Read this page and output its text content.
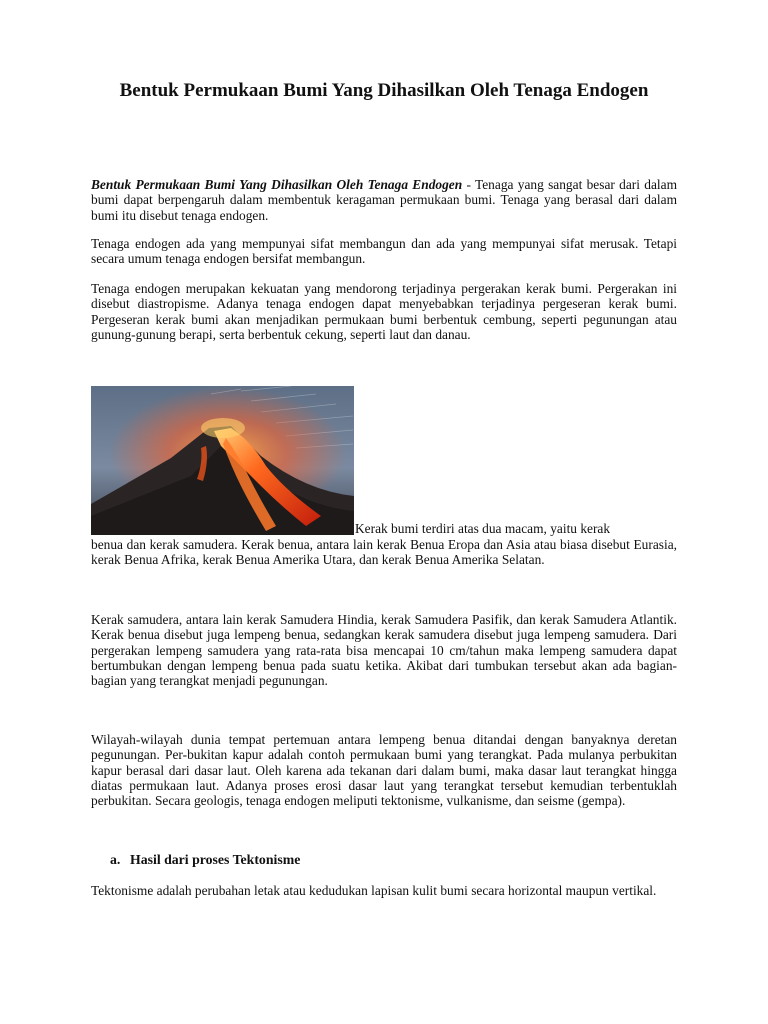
Bentuk Permukaan Bumi Yang Dihasilkan Oleh Tenaga Endogen
Bentuk Permukaan Bumi Yang Dihasilkan Oleh Tenaga Endogen - Tenaga yang sangat besar dari dalam bumi dapat berpengaruh dalam membentuk keragaman permukaan bumi. Tenaga yang berasal dari dalam bumi itu disebut tenaga endogen.
Tenaga endogen ada yang mempunyai sifat membangun dan ada yang mempunyai sifat merusak. Tetapi secara umum tenaga endogen bersifat membangun.
Tenaga endogen merupakan kekuatan yang mendorong terjadinya pergerakan kerak bumi. Pergerakan ini disebut diastropisme. Adanya tenaga endogen dapat menyebabkan terjadinya pergeseran kerak bumi. Pergeseran kerak bumi akan menjadikan permukaan bumi berbentuk cembung, seperti pegunungan atau gunung-gunung berapi, serta berbentuk cekung, seperti laut dan danau.
Kerak bumi terdiri atas dua macam, yaitu kerak
benua dan kerak samudera. Kerak benua, antara lain kerak Benua Eropa dan Asia atau biasa disebut Eurasia, kerak Benua Afrika, kerak Benua Amerika Utara, dan kerak Benua Amerika Selatan.
Kerak samudera, antara lain kerak Samudera Hindia, kerak Samudera Pasifik, dan kerak Samudera Atlantik. Kerak benua disebut juga lempeng benua, sedangkan kerak samudera disebut juga lempeng samudera. Dari pergerakan lempeng samudera yang rata-rata bisa mencapai 10 cm/tahun maka lempeng samudera dapat bertumbukan dengan lempeng benua pada suatu ketika. Akibat dari tumbukan tersebut akan ada bagian-bagian yang terangkat menjadi pegunungan.
Wilayah-wilayah dunia tempat pertemuan antara lempeng benua ditandai dengan banyaknya deretan pegunungan. Per-bukitan kapur adalah contoh permukaan bumi yang terangkat. Pada mulanya perbukitan kapur berasal dari dasar laut. Oleh karena ada tekanan dari dalam bumi, maka dasar laut terangkat hingga diatas permukaan laut. Adanya proses erosi dasar laut yang terangkat tersebut kemudian terbentuklah perbukitan. Secara geologis, tenaga endogen meliputi tektonisme, vulkanisme, dan seisme (gempa).
a. Hasil dari proses Tektonisme
Tektonisme adalah perubahan letak atau kedudukan lapisan kulit bumi secara horizontal maupun vertikal.
